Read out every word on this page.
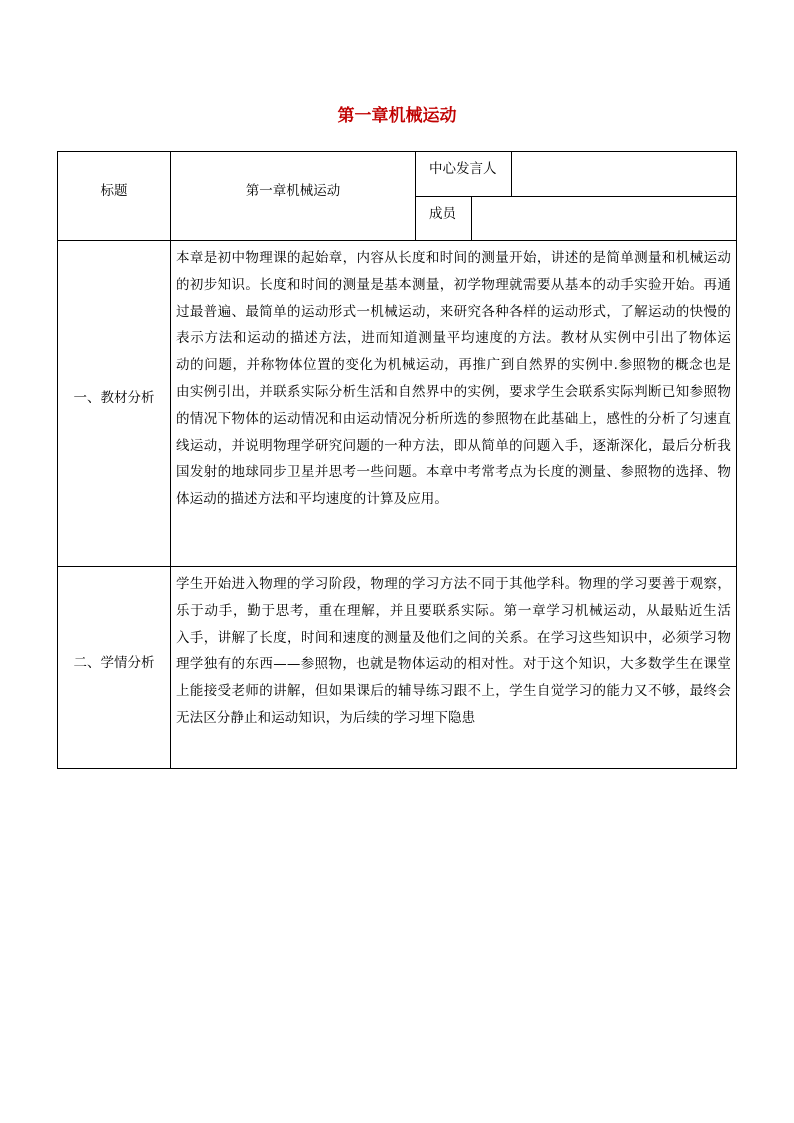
第一章机械运动
标题	第一章机械运动
中心发言人
成员
一、教材分析
本章是初中物理课的起始章，内容从长度和时间的测量开始，讲述的是简单测量和机械运动
的初步知识。长度和时间的测量是基本测量，初学物理就需要从基本的动手实验开始。再通
过最普遍、最简单的运动形式一机械运动，来研究各种各样的运动形式，了解运动的快慢的
表示方法和运动的描述方法，进而知道测量平均速度的方法。教材从实例中引出了物体运
动的问题，并称物体位置的变化为机械运动，再推广到自然界的实例中.参照物的概念也是
由实例引出，并联系实际分析生活和自然界中的实例，要求学生会联系实际判断已知参照物
的情况下物体的运动情况和由运动情况分析所选的参照物在此基础上，感性的分析了匀速直
线运动，并说明物理学研究问题的一种方法，即从简单的问题入手，逐渐深化，最后分析我
国发射的地球同步卫星并思考一些问题。本章中考常考点为长度的测量、参照物的选择、物
体运动的描述方法和平均速度的计算及应用。
二、学情分析
学生开始进入物理的学习阶段，物理的学习方法不同于其他学科。物理的学习要善于观察，
乐于动手，勤于思考，重在理解，并且要联系实际。第一章学习机械运动，从最贴近生活
入手，讲解了长度，时间和速度的测量及他们之间的关系。在学习这些知识中，必须学习物
理学独有的东西——参照物，也就是物体运动的相对性。对于这个知识，大多数学生在课堂
上能接受老师的讲解，但如果课后的辅导练习跟不上，学生自觉学习的能力又不够，最终会
无法区分静止和运动知识，为后续的学习埋下隐患
